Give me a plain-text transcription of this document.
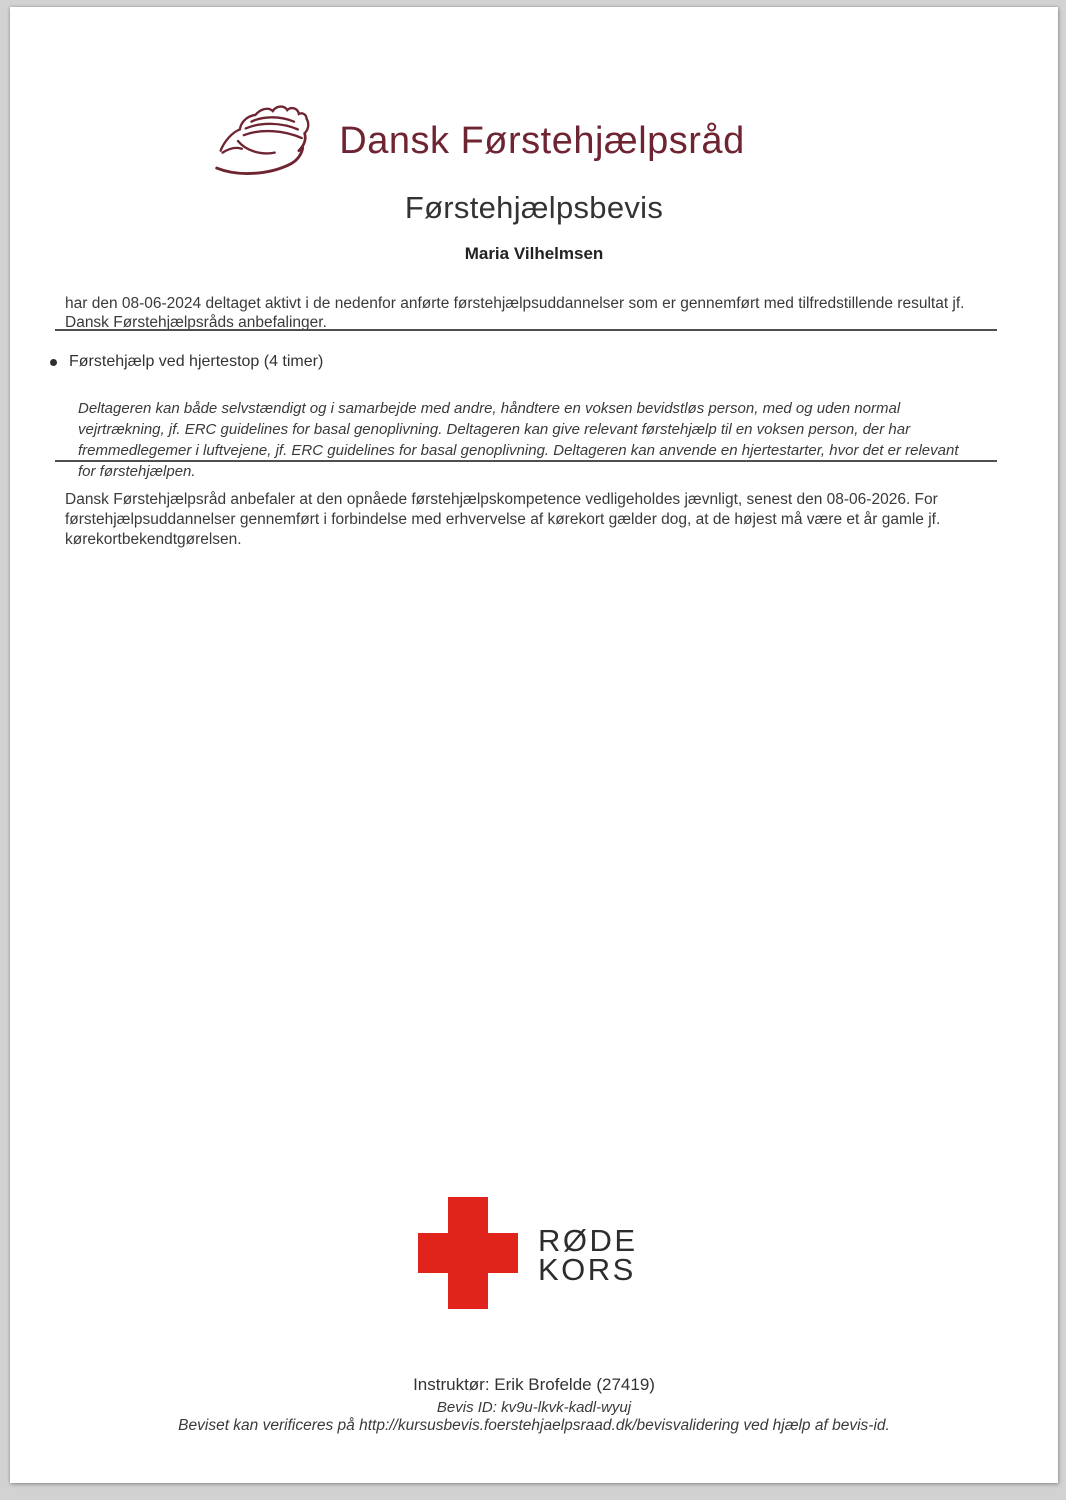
Dansk Førstehjælpsråd
Førstehjælpsbevis
Maria Vilhelmsen

har den 08-06-2024 deltaget aktivt i de nedenfor anførte førstehjælpsuddannelser som er gennemført med tilfredstillende resultat jf. Dansk Førstehjælpsråds anbefalinger.

Førstehjælp ved hjertestop (4 timer)

Deltageren kan både selvstændigt og i samarbejde med andre, håndtere en voksen bevidstløs person, med og uden normal vejrtrækning, jf. ERC guidelines for basal genoplivning. Deltageren kan give relevant førstehjælp til en voksen person, der har fremmedlegemer i luftvejene, jf. ERC guidelines for basal genoplivning. Deltageren kan anvende en hjertestarter, hvor det er relevant for førstehjælpen.

Dansk Førstehjælpsråd anbefaler at den opnåede førstehjælpskompetence vedligeholdes jævnligt, senest den 08-06-2026. For førstehjælpsuddannelser gennemført i forbindelse med erhvervelse af kørekort gælder dog, at de højest må være et år gamle jf. kørekortbekendtgørelsen.

RØDE
KORS
Instruktør: Erik Brofelde (27419)
Bevis ID: kv9u-lkvk-kadl-wyuj
Beviset kan verificeres på http://kursusbevis.foerstehjaelpsraad.dk/bevisvalidering ved hjælp af bevis-id.
